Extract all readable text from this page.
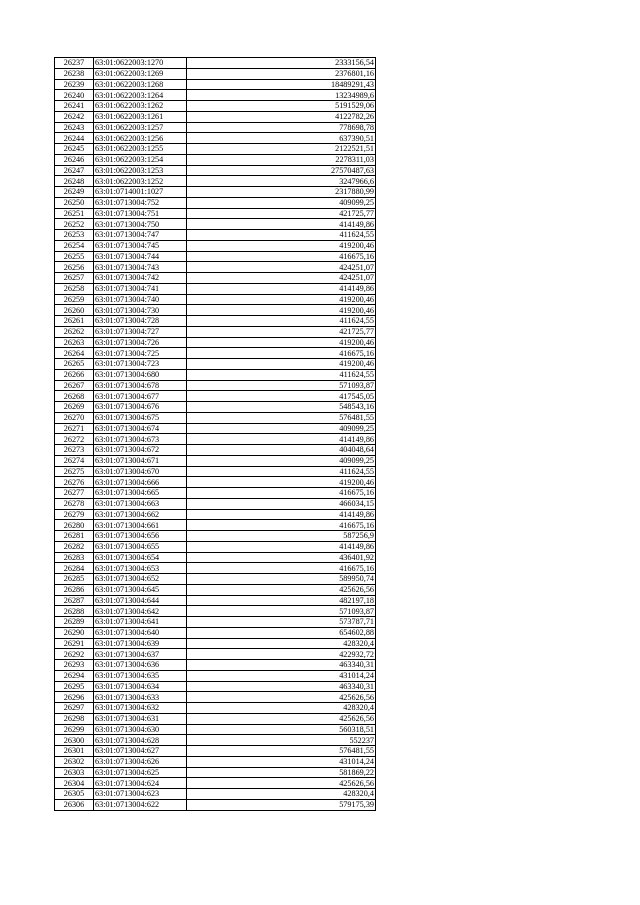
26237	63:01:0622003:1270	2333156,54
26238	63:01:0622003:1269	2376801,16
26239	63:01:0622003:1268	18489291,43
26240	63:01:0622003:1264	13234989,6
26241	63:01:0622003:1262	5191529,06
26242	63:01:0622003:1261	4122782,26
26243	63:01:0622003:1257	778698,78
26244	63:01:0622003:1256	637390,51
26245	63:01:0622003:1255	2122521,51
26246	63:01:0622003:1254	2278311,03
26247	63:01:0622003:1253	27570487,63
26248	63:01:0622003:1252	3247966,6
26249	63:01:0714001:1027	2317880,99
26250	63:01:0713004:752	409099,25
26251	63:01:0713004:751	421725,77
26252	63:01:0713004:750	414149,86
26253	63:01:0713004:747	411624,55
26254	63:01:0713004:745	419200,46
26255	63:01:0713004:744	416675,16
26256	63:01:0713004:743	424251,07
26257	63:01:0713004:742	424251,07
26258	63:01:0713004:741	414149,86
26259	63:01:0713004:740	419200,46
26260	63:01:0713004:730	419200,46
26261	63:01:0713004:728	411624,55
26262	63:01:0713004:727	421725,77
26263	63:01:0713004:726	419200,46
26264	63:01:0713004:725	416675,16
26265	63:01:0713004:723	419200,46
26266	63:01:0713004:680	411624,55
26267	63:01:0713004:678	571093,87
26268	63:01:0713004:677	417545,05
26269	63:01:0713004:676	548543,16
26270	63:01:0713004:675	576481,55
26271	63:01:0713004:674	409099,25
26272	63:01:0713004:673	414149,86
26273	63:01:0713004:672	404048,64
26274	63:01:0713004:671	409099,25
26275	63:01:0713004:670	411624,55
26276	63:01:0713004:666	419200,46
26277	63:01:0713004:665	416675,16
26278	63:01:0713004:663	466034,15
26279	63:01:0713004:662	414149,86
26280	63:01:0713004:661	416675,16
26281	63:01:0713004:656	587256,9
26282	63:01:0713004:655	414149,86
26283	63:01:0713004:654	436401,92
26284	63:01:0713004:653	416675,16
26285	63:01:0713004:652	589950,74
26286	63:01:0713004:645	425626,56
26287	63:01:0713004:644	482197,18
26288	63:01:0713004:642	571093,87
26289	63:01:0713004:641	573787,71
26290	63:01:0713004:640	654602,88
26291	63:01:0713004:639	428320,4
26292	63:01:0713004:637	422932,72
26293	63:01:0713004:636	463340,31
26294	63:01:0713004:635	431014,24
26295	63:01:0713004:634	463340,31
26296	63:01:0713004:633	425626,56
26297	63:01:0713004:632	428320,4
26298	63:01:0713004:631	425626,56
26299	63:01:0713004:630	560318,51
26300	63:01:0713004:628	552237
26301	63:01:0713004:627	576481,55
26302	63:01:0713004:626	431014,24
26303	63:01:0713004:625	581869,22
26304	63:01:0713004:624	425626,56
26305	63:01:0713004:623	428320,4
26306	63:01:0713004:622	579175,39
